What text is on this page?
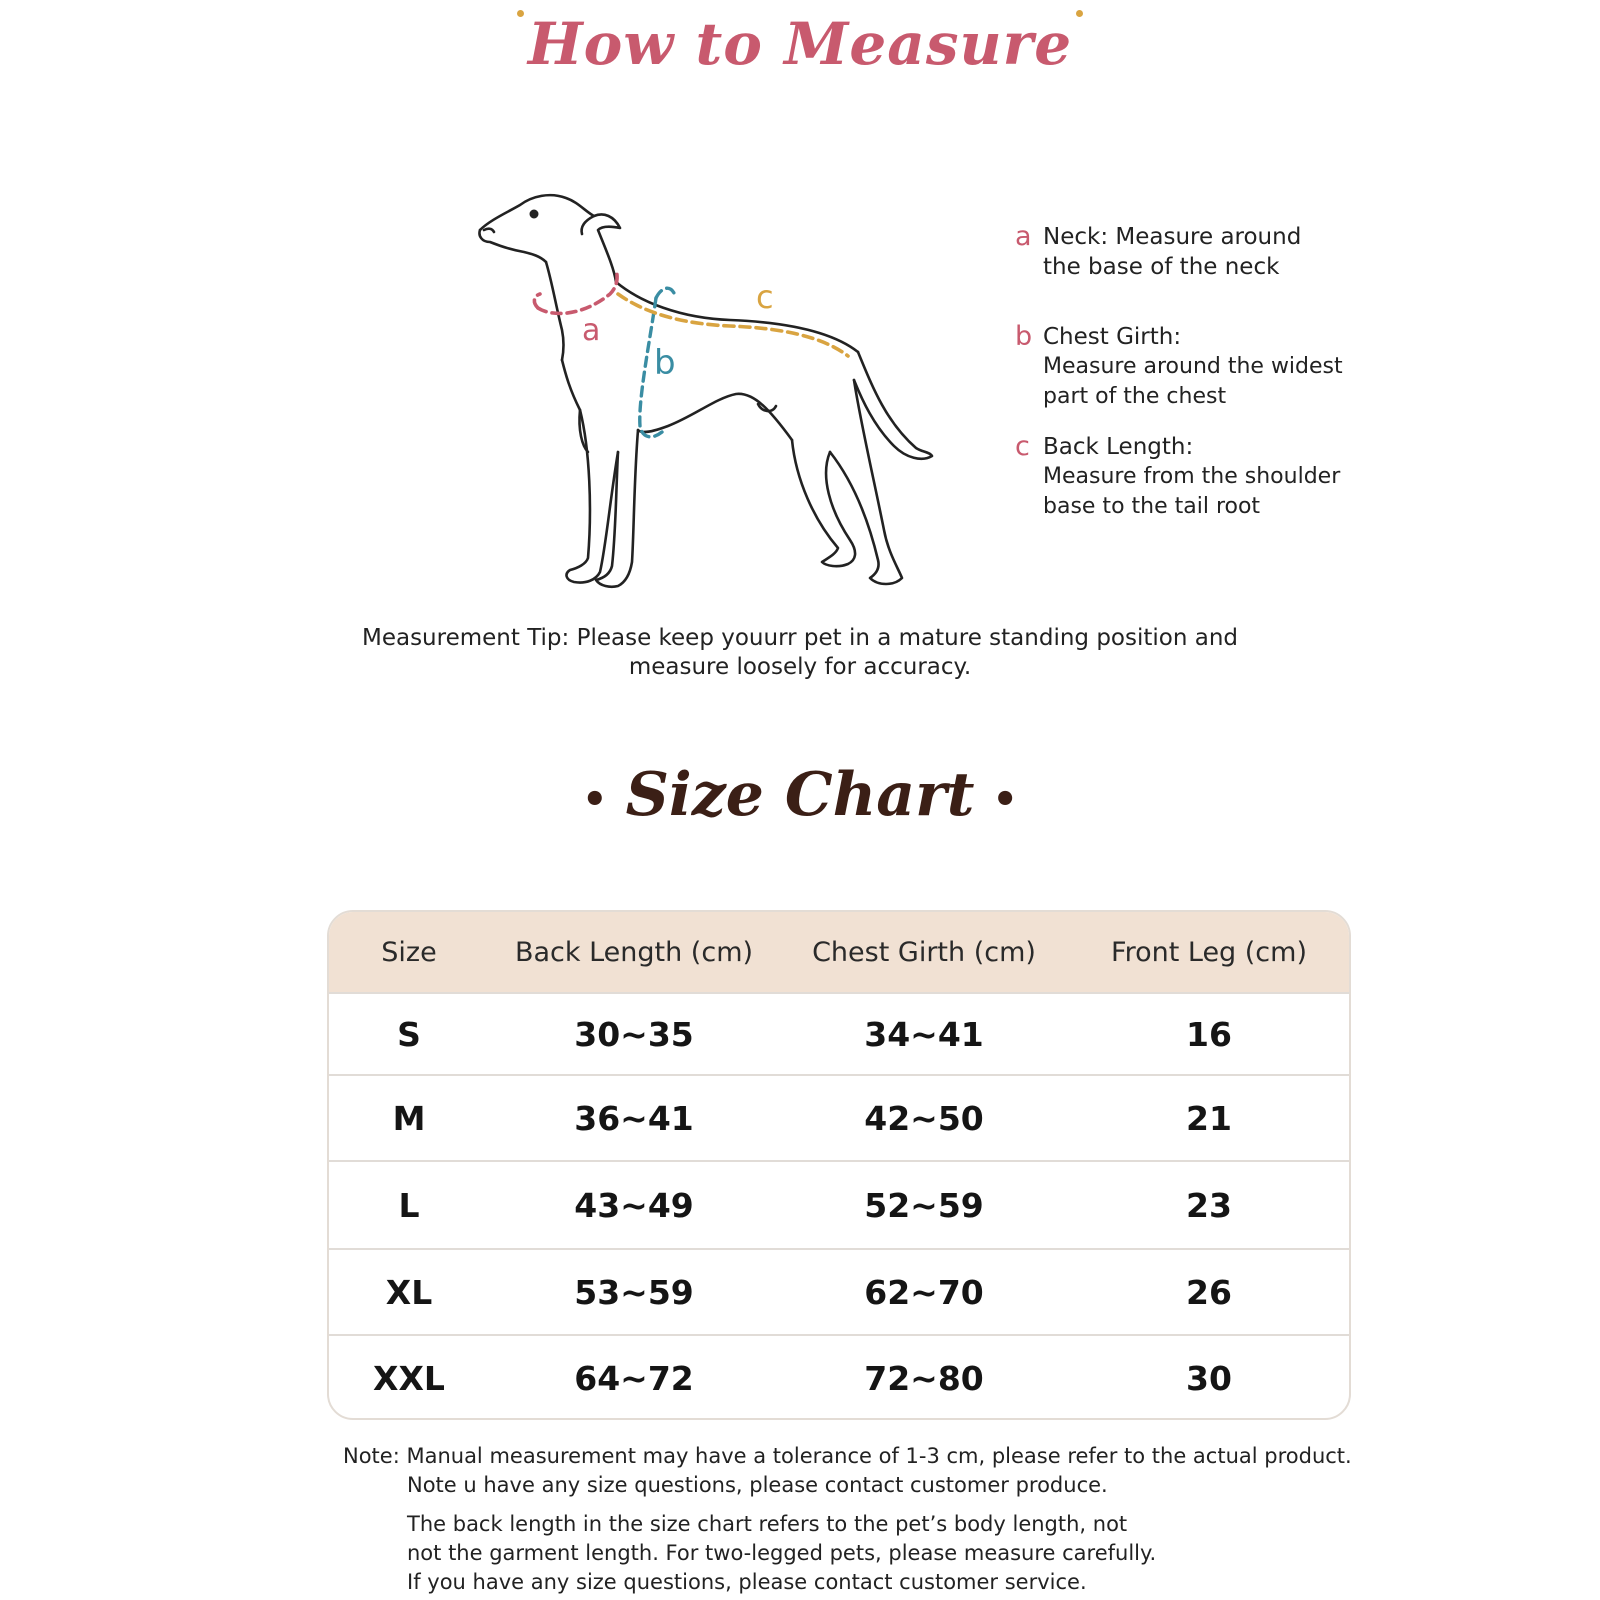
How to Measure
a
b
c
a Neck: Measure around
the base of the neck
b Chest Girth:
Measure around the widest part of the chest
c Back Length:
Measure from the shoulder base to the tail root
Measurement Tip: Please keep youurr pet in a mature standing position and
measure loosely for accuracy.
• Size Chart •
Size	Back Length (cm)	Chest Girth (cm)	Front Leg (cm)
S	30~35	34~41	16
M	36~41	42~50	21
L	43~49	52~59	23
XL	53~59	62~70	26
XXL	64~72	72~80	30
Note: Manual measurement may have a tolerance of 1-3 cm, please refer to the actual product.
Note u have any size questions, please contact customer produce.
The back length in the size chart refers to the pet’s body length, not
not the garment length. For two-legged pets, please measure carefully.
If you have any size questions, please contact customer service.
